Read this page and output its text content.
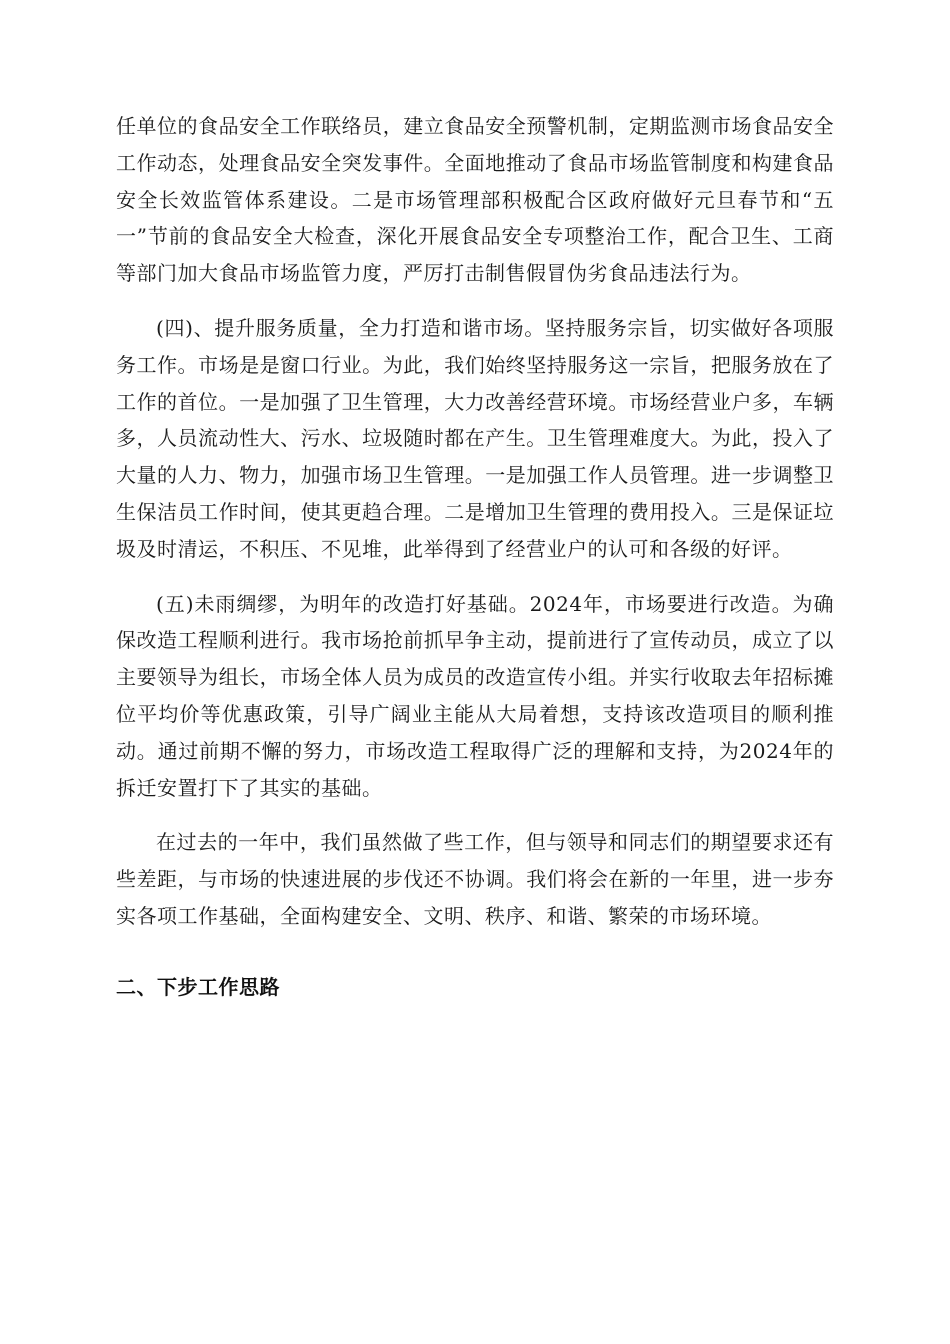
任单位的食品安全工作联络员，建立食品安全预警机制，定期监测市场食品安全工作动态，处理食品安全突发事件。全面地推动了食品市场监管制度和构建食品安全长效监管体系建设。二是市场管理部积极配合区政府做好元旦春节和“五一”节前的食品安全大检查，深化开展食品安全专项整治工作，配合卫生、工商等部门加大食品市场监管力度，严厉打击制售假冒伪劣食品违法行为。

(四)、提升服务质量，全力打造和谐市场。坚持服务宗旨，切实做好各项服务工作。市场是是窗口行业。为此，我们始终坚持服务这一宗旨，把服务放在了工作的首位。一是加强了卫生管理，大力改善经营环境。市场经营业户多，车辆多，人员流动性大、污水、垃圾随时都在产生。卫生管理难度大。为此，投入了大量的人力、物力，加强市场卫生管理。一是加强工作人员管理。进一步调整卫生保洁员工作时间，使其更趋合理。二是增加卫生管理的费用投入。三是保证垃圾及时清运，不积压、不见堆，此举得到了经营业户的认可和各级的好评。

(五)未雨绸缪，为明年的改造打好基础。2024年，市场要进行改造。为确保改造工程顺利进行。我市场抢前抓早争主动，提前进行了宣传动员，成立了以主要领导为组长，市场全体人员为成员的改造宣传小组。并实行收取去年招标摊位平均价等优惠政策，引导广阔业主能从大局着想，支持该改造项目的顺利推动。通过前期不懈的努力，市场改造工程取得广泛的理解和支持，为2024年的拆迁安置打下了其实的基础。

在过去的一年中，我们虽然做了些工作，但与领导和同志们的期望要求还有些差距，与市场的快速进展的步伐还不协调。我们将会在新的一年里，进一步夯实各项工作基础，全面构建安全、文明、秩序、和谐、繁荣的市场环境。

二、下步工作思路
